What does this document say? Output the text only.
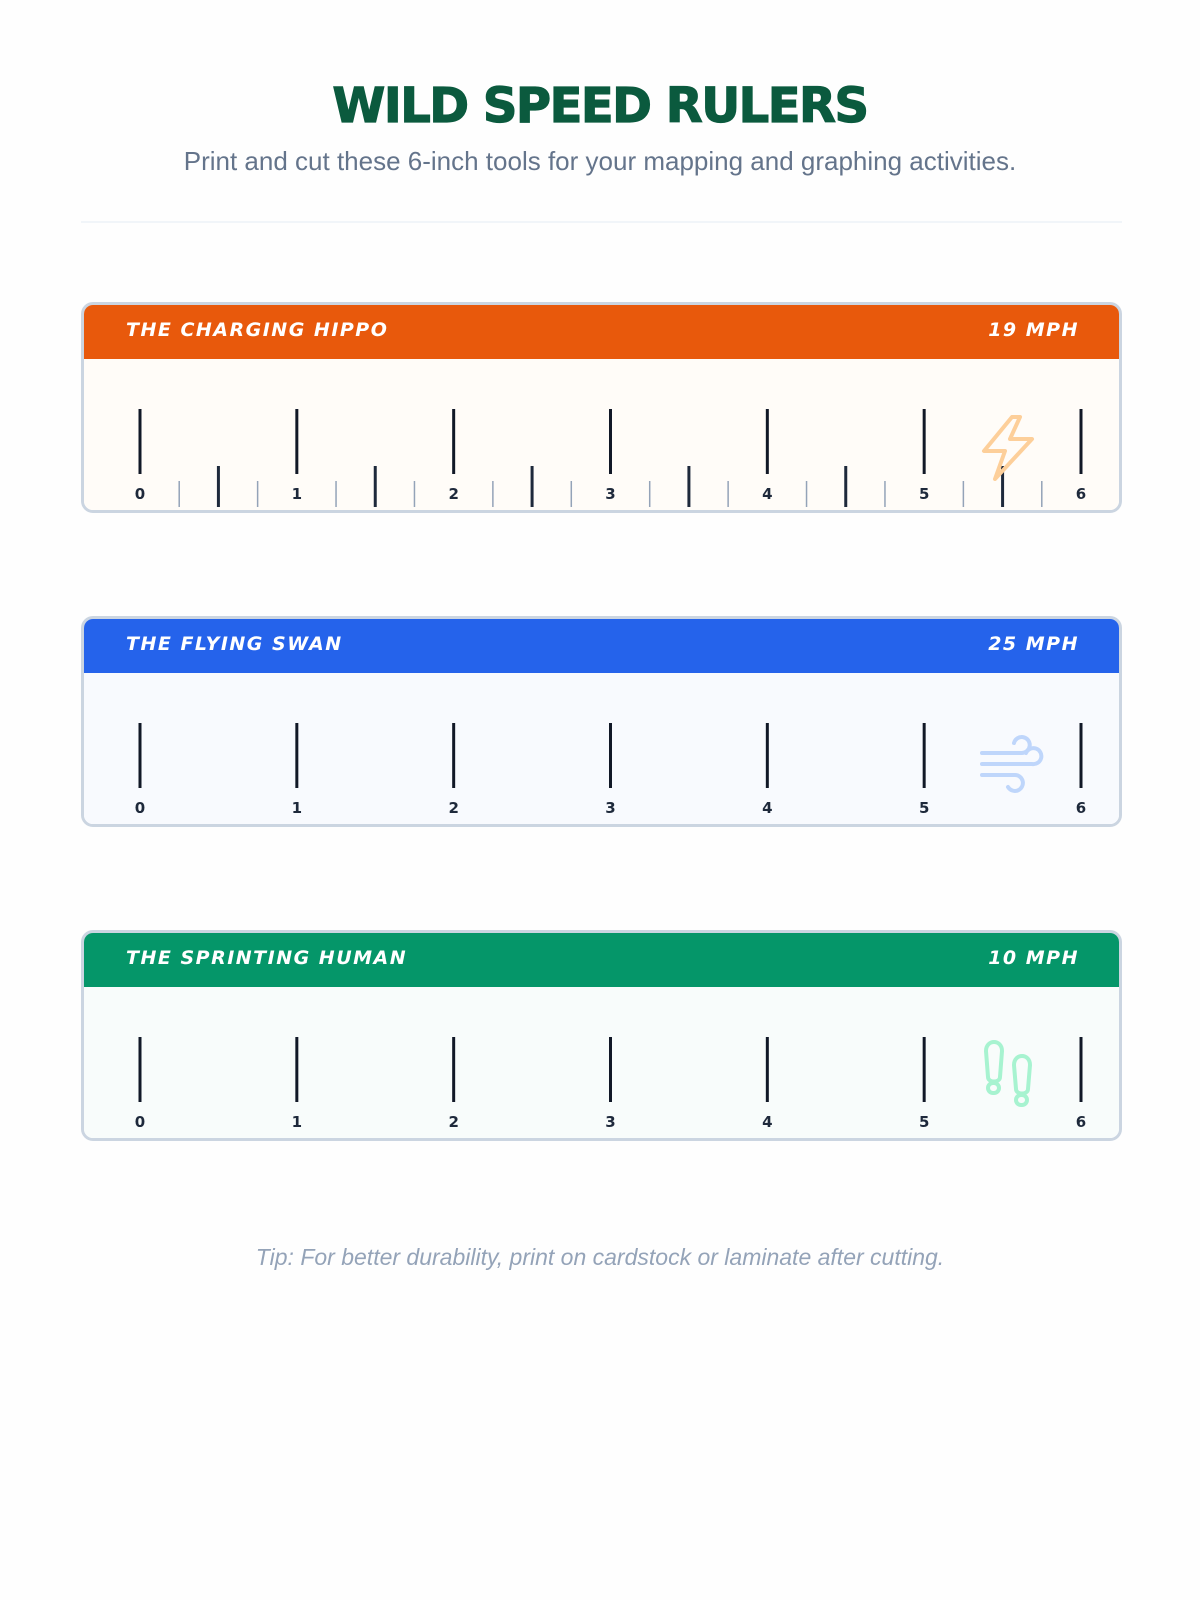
WILD SPEED RULERS
Print and cut these 6-inch tools for your mapping and graphing activities.
THE CHARGING HIPPO	19 MPH
0	1	2	3	4	5	6
THE FLYING SWAN	25 MPH
0	1	2	3	4	5	6
THE SPRINTING HUMAN	10 MPH
0	1	2	3	4	5	6
Tip: For better durability, print on cardstock or laminate after cutting.
